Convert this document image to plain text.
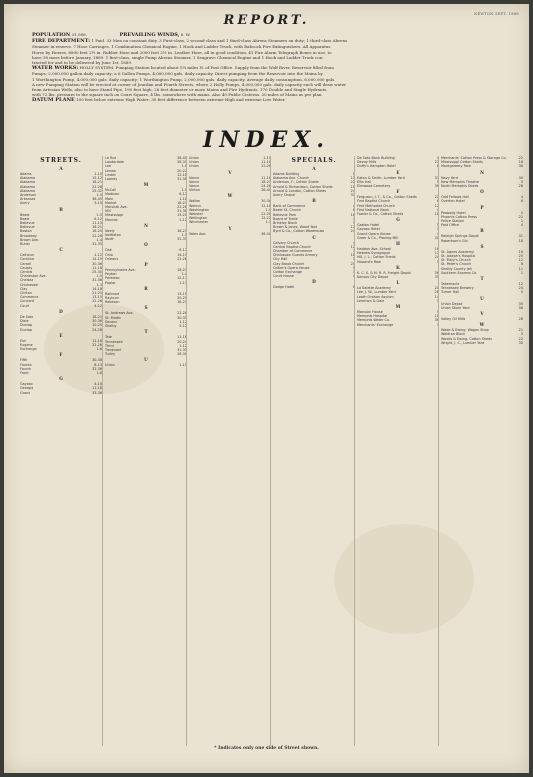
NEWTON SEPT. 1888
REPORT.
POPULATION 31,086.	PREVAILING WINDS, S. W.
FIRE DEPARTMENT: 1 Paid. 33 Men on constant duty. 3 First-class, 2 second-class and 1 third-class Ahrens Steamers on duty; 1 third-class Ahrens
Steamer in reserve. 7 Hose Carriages, 1 Combination Chemical Engine, 1 Hook and Ladder Truck, with Babcock Fire Extinguishers. All Apparatus
Horse by Horses. 8800 feet 2½ in. Rubber Hose and 2000 feet 2½ in. Leather Hose, all in good condition. 41 Fire Alarm Telegraph Boxes in use, to
have 18 more before January, 1889. 1 first-class, single Pump Ahrens Steamer, 1 Seagrave Chemical Engine and 1 Hook and Ladder Truck con-
tracted for and to be delivered by June 1st, 1889.
WATER WORKS: HOLLY SYSTEM. Pumping Station located about 1¼ miles N. of Post Office. Supply from the Wolf River. Reservoir filled from
Pumps; 2,000,000 gallon daily capacity; a 6 Gallon Pumps, 4,000,000 gals. daily capacity. Direct pumping from the Reservoir into the Mains by
1 Worthington Pump, 4,000,000 gals. daily capacity; 1 Worthington Pump, 2,000,000 gals. daily capacity. Average daily consumption, 6,000,000 gals.
A new Pumping Station will be erected at corner of Jourdan and Fourth Streets, where 2 Holly Pumps, 4,000,000 gals. daily capacity each will draw water
from Artesian Wells, also to have Stand Pipe, 190 feet high, 26 feet diameter or more Mains and Fire Hydrants. 170 Double and Single Hydrants,
with 72 lbs. pressure to the square inch on Court Square, 4 lbs. somewhere with mains. Also 40 Public Cisterns. 20 miles of Mains as per plan.
DATUM PLANE 100 feet below extreme High Water; 35 feet difference between extreme High and extreme Low Water.
INDEX.
STREETS.
A
Adams	1-15
Alabama	15-12
Alabama	18-21
Alabama	22-28
Alabama	25-32
Anderson	1-5
Arkansas	36-45
Avery	3-10
B
Beale	1-5
Beale	6-12
Bellevue	11-15
Bellevue	18-21
Boston	16-20
Broadway	22-28
Brown Ave.	1-4
Butler	31-35
C
Calhoun	1-12
Carolina	14-19
Carroll	30-36
Causey	11-18
Central	25-30
Charleston Ave.	1-5
Chelsea	31-36
Chickasaw	1-3
Clay	14-18
Clinton	21-25
Commerce	13-15
Concord	22-26
Court	4-12
D
De Soto	18-21
Dixie	30-36
Dunlap	10-20
Dunlap	24-28
E
Elm	12-18
Eugene	22-26
Exchange	1-6
F
Fifth	30-38
Florida	8-13
Fourth	32-36
Front	1-8
G
Gayoso	4-10
Georgia	11-18
Grand	33-36
Le Rue	36-40
Lauderdale	28-31
Lee	1-9
Lenow	20-22
Linden	12-18
Looney	31-36
M
McCall	1-5
Madison	6-12
Main	1-18
Market	18-21
Marshall Ave.	22-28
Mill	31-36
Mississippi	13-20
Monroe	1-12
N
Neely	18-21
Nettleton	1-5
North	31-35
O
Oak	6-12
Ohio	14-19
Orleans	22-28
P
Pennsylvania Ave.	18-21
Peyton	1-4
Pontotoc	12-17
Poplar	1-13
R
Railroad	13-15
Rayburn	20-25
Robeson	18-21
S
St. Andrews Ave.	22-28
St. Martin	30-35
Second	1-12
Shelby	5-12
T
Tate	11-18
Tennessee	20-24
Third	1-12
Trezevant	31-35
Turley	28-30
U
Union	1-15
Union	1-10
Union	11-18
Union	22-26
V
Vance	11-18
Vance	18-21
Vance	24-28
Vinton	36-40
W
Walker	30-36
Walnut	12-18
Washington	1-5
Webster	22-28
Wellington	12-22
Winchester	1-3
Y
Yates Ave.	36-40
SPECIALS.
A
Adams Building	5
Alabama Ave. Church	15
Anderson, F., Cotton Sheds	22
Arnold & Richardson, Cotton Sheds	18
Arnold & London, Cotton Sheds	24
Avery Chapel	31
B
Bank of Commerce	4
Beale St. Church	6
Bellevue Park	16
Board of Trade	1
Brinkley Block	5
Brown & Jones, Wood Yard	12
Byrd & Co., Cotton Warehouse	24
C
Calvary Church	4
Central Baptist Church	12
Chamber of Commerce	1
Chickasaw Guards Armory	18
City Hall	1
Clay Brook Church	20
Collier's Opera House	5
Cotton Exchange	1
Court House	4
D
Dodge Hotel	6
De Soto Bank Building	4
Devoy Mills	21
Duffy's Hampton Hotel	8
E
Eaton & Smith, Lumber Yard	31
Elks Hall	5
Elmwood Cemetery	36
F
Ferguson, J. T., & Co., Cotton Sheds	22
First Baptist Church	6
First Methodist Church	12
First National Bank	4
Fowler & Co., Cotton Sheds	18
G
Gaston Hotel	5
Gayoso Hotel	1
Grand Opera House	4
Greer & Co., Planing Mill	30
H
Haddon Ave. School	16
Hebrew Synagogue	12
Hill, J. L., Cotton Sheds	24
Howard's Row	5
K
K. C. S. & M. R. R. Freight Depot	36
Kansas City Depot	35
L
La Salette Academy	20
Lee, J. W., Lumber Yard	28
Leath Orphan Asylum	14
Lemmon & Gale	1
M
Mansion House	5
Memphis Hospital	18
Memphis Water Co.	36
Merchants' Exchange	1
Merchants' Cotton Press & Storage Co.	22
Mississippi Cotton Sheds	18
Montgomery Park	36
N
Navy Yard	30
New Memphis Theatre	5
North Memphis Sheds	28
O
Odd Fellows Hall	4
Overton Hotel	6
P
Peabody Hotel	5
Phoenix Cotton Press	22
Police Station	1
Post Office	4
R
Raleigh Springs Depot	31
Robertson's Gin	18
S
St. Agnes Academy	16
St. Joseph's Hospital	20
St. Mary's Church	12
St. Peter's Church	6
Shelby County Jail	11
Southern Express Co.	1
T
Tabernacle	12
Tennessee Brewery	24
Turner Hall	5
U
Union Depot	35
Union Stock Yard	36
V
Valley Oil Mills	28
W
Wade & Ewing, Wagon Shop	21
Waldran Block	5
Woods & Ewing, Cotton Sheds	22
Wright, J. C., Lumber Yard	30
* Indicates only one side of Street shown.
